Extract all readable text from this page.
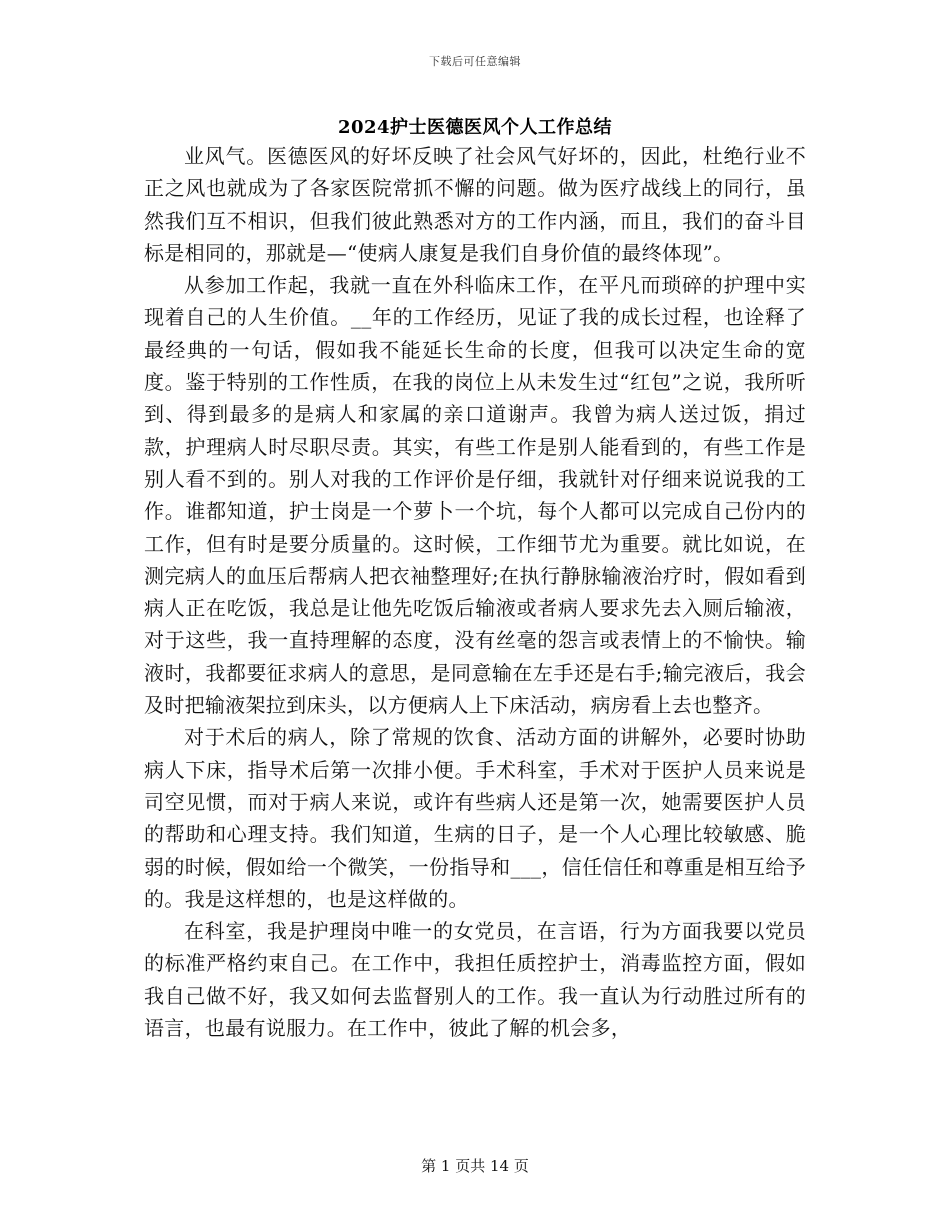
下载后可任意编辑
2024护士医德医风个人工作总结

业风气。医德医风的好坏反映了社会风气好坏的，因此，杜绝行业不正之风也就成为了各家医院常抓不懈的问题。做为医疗战线上的同行，虽然我们互不相识，但我们彼此熟悉对方的工作内涵，而且，我们的奋斗目标是相同的，那就是—“使病人康复是我们自身价值的最终体现”。

从参加工作起，我就一直在外科临床工作，在平凡而琐碎的护理中实现着自己的人生价值。__年的工作经历，见证了我的成长过程，也诠释了最经典的一句话，假如我不能延长生命的长度，但我可以决定生命的宽度。鉴于特别的工作性质，在我的岗位上从未发生过“红包”之说，我所听到、得到最多的是病人和家属的亲口道谢声。我曾为病人送过饭，捐过款，护理病人时尽职尽责。其实，有些工作是别人能看到的，有些工作是别人看不到的。别人对我的工作评价是仔细，我就针对仔细来说说我的工作。谁都知道，护士岗是一个萝卜一个坑，每个人都可以完成自己份内的工作，但有时是要分质量的。这时候，工作细节尤为重要。就比如说，在测完病人的血压后帮病人把衣袖整理好;在执行静脉输液治疗时，假如看到病人正在吃饭，我总是让他先吃饭后输液或者病人要求先去入厕后输液，对于这些，我一直持理解的态度，没有丝毫的怨言或表情上的不愉快。输液时，我都要征求病人的意思，是同意输在左手还是右手;输完液后，我会及时把输液架拉到床头，以方便病人上下床活动，病房看上去也整齐。

对于术后的病人，除了常规的饮食、活动方面的讲解外，必要时协助病人下床，指导术后第一次排小便。手术科室，手术对于医护人员来说是司空见惯，而对于病人来说，或许有些病人还是第一次，她需要医护人员的帮助和心理支持。我们知道，生病的日子，是一个人心理比较敏感、脆弱的时候，假如给一个微笑，一份指导和___，信任信任和尊重是相互给予的。我是这样想的，也是这样做的。

在科室，我是护理岗中唯一的女党员，在言语，行为方面我要以党员的标准严格约束自己。在工作中，我担任质控护士，消毒监控方面，假如我自己做不好，我又如何去监督别人的工作。我一直认为行动胜过所有的语言，也最有说服力。在工作中，彼此了解的机会多，

第 1 页共 14 页
